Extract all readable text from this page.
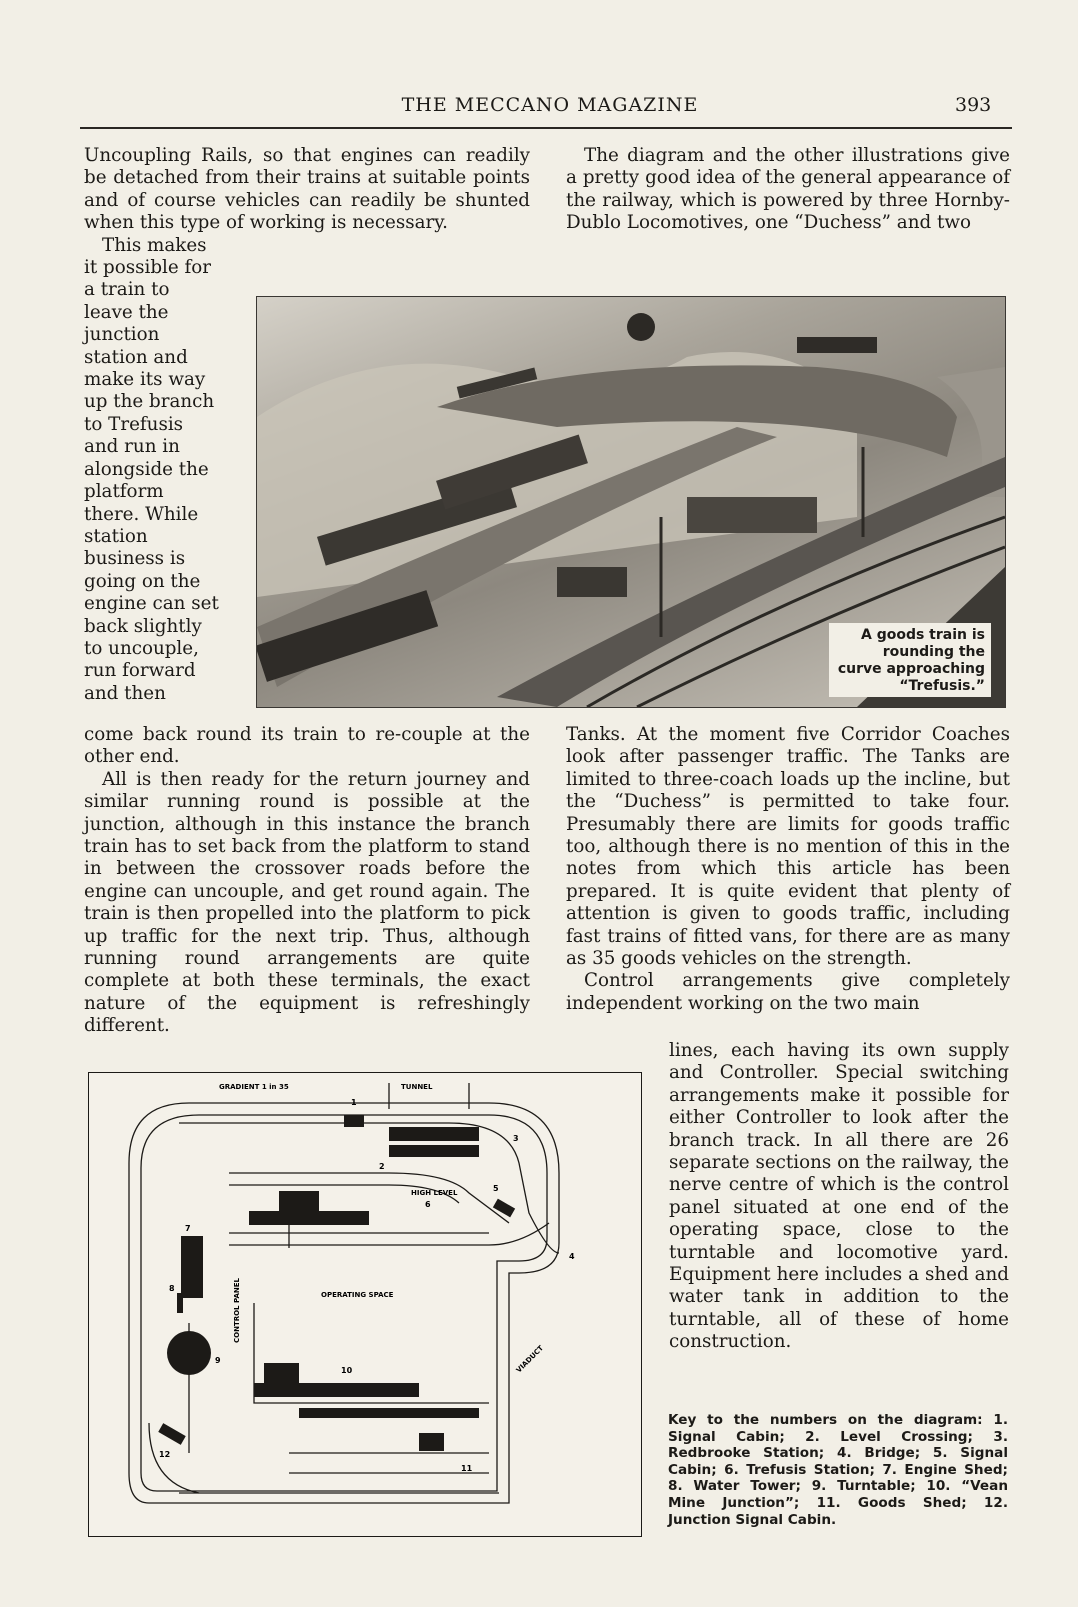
THE MECCANO MAGAZINE	393

Uncoupling Rails, so that engines can readily be detached from their trains at suitable points and of course vehicles can readily be shunted when this type of working is necessary.

This makes
it possible for
a train to
leave the
junction
station and
make its way
up the branch
to Trefusis
and run in
alongside the
platform
there. While
station
business is
going on the
engine can set
back slightly
to uncouple,
run forward
and then

The diagram and the other illustrations give a pretty good idea of the general appearance of the railway, which is powered by three Hornby-Dublo Locomotives, one “Duchess” and two

A goods train is rounding the curve approaching “Trefusis.”

come back round its train to re-couple at the other end.

All is then ready for the return journey and similar running round is possible at the junction, although in this instance the branch train has to set back from the platform to stand in between the crossover roads before the engine can uncouple, and get round again. The train is then propelled into the platform to pick up traffic for the next trip. Thus, although running round arrangements are quite complete at both these terminals, the exact nature of the equipment is refreshingly different.

Tanks. At the moment five Corridor Coaches look after passenger traffic. The Tanks are limited to three-coach loads up the incline, but the “Duchess” is permitted to take four. Presumably there are limits for goods traffic too, although there is no mention of this in the notes from which this article has been prepared. It is quite evident that plenty of attention is given to goods traffic, including fast trains of fitted vans, for there are as many as 35 goods vehicles on the strength.

Control arrangements give completely independent working on the two main

lines, each having its own supply and Controller. Special switching arrangements make it possible for either Controller to look after the branch track. In all there are 26 separate sections on the railway, the nerve centre of which is the control panel situated at one end of the operating space, close to the turntable and locomotive yard. Equipment here includes a shed and water tank in addition to the turntable, all of these of home construction.

GRADIENT 1 in 35	TUNNEL
HIGH LEVEL
OPERATING SPACE
CONTROL PANEL
VIADUCT
1
2
3
4
5
6
7
8
9
10
11
12
Key to the numbers on the diagram: 1. Signal Cabin; 2. Level Crossing; 3. Redbrooke Station; 4. Bridge; 5. Signal Cabin; 6. Trefusis Station; 7. Engine Shed; 8. Water Tower; 9. Turntable; 10. “Vean Mine Junction”; 11. Goods Shed; 12. Junction Signal Cabin.
